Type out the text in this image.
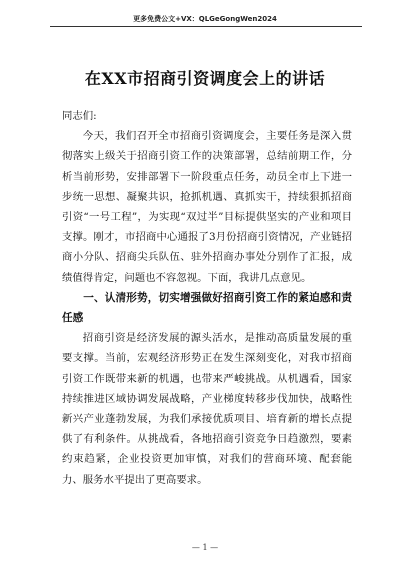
更多免费公文+VX：QLGeGongWen2024
在XX市招商引资调度会上的讲话

同志们:

今天，我们召开全市招商引资调度会，主要任务是深入贯彻落实上级关于招商引资工作的决策部署，总结前期工作，分析当前形势，安排部署下一阶段重点任务，动员全市上下进一步统一思想、凝聚共识，抢抓机遇、真抓实干，持续狠抓招商引资“一号工程”，为实现“双过半”目标提供坚实的产业和项目支撑。刚才，市招商中心通报了3月份招商引资情况，产业链招商小分队、招商尖兵队伍、驻外招商办事处分别作了汇报，成绩值得肯定，问题也不容忽视。下面，我讲几点意见。

一、认清形势，切实增强做好招商引资工作的紧迫感和责任感

招商引资是经济发展的源头活水，是推动高质量发展的重要支撑。当前，宏观经济形势正在发生深刻变化，对我市招商引资工作既带来新的机遇，也带来严峻挑战。从机遇看，国家持续推进区域协调发展战略，产业梯度转移步伐加快，战略性新兴产业蓬勃发展，为我们承接优质项目、培育新的增长点提供了有利条件。从挑战看，各地招商引资竞争日趋激烈，要素约束趋紧，企业投资更加审慎，对我们的营商环境、配套能力、服务水平提出了更高要求。

— 1 —
